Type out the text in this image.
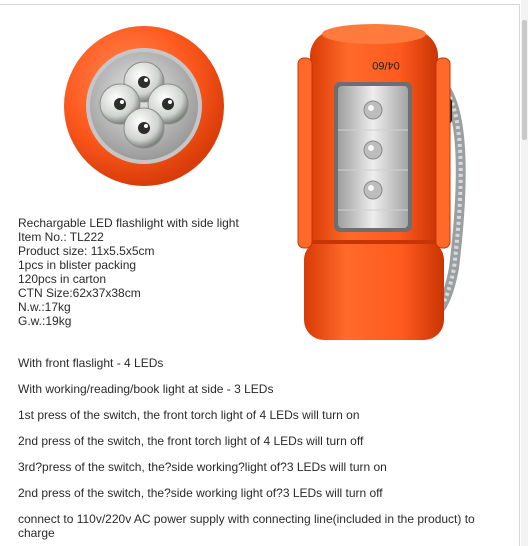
04/60
Rechargable LED flashlight with side light
Item No.: TL222
Product size: 11x5.5x5cm
1pcs in blister packing
120pcs in carton
CTN Size:62x37x38cm
N.w.:17kg
G.w.:19kg

With front flaslight - 4 LEDs

With working/reading/book light at side - 3 LEDs

1st press of the switch, the front torch light of 4 LEDs will turn on

2nd press of the switch, the front torch light of 4 LEDs will turn off

3rd?press of the switch, the?side working?light of?3 LEDs will turn on

2nd press of the switch, the?side working light of?3 LEDs will turn off

connect to 110v/220v AC power supply with connecting line(included in the product) to charge
